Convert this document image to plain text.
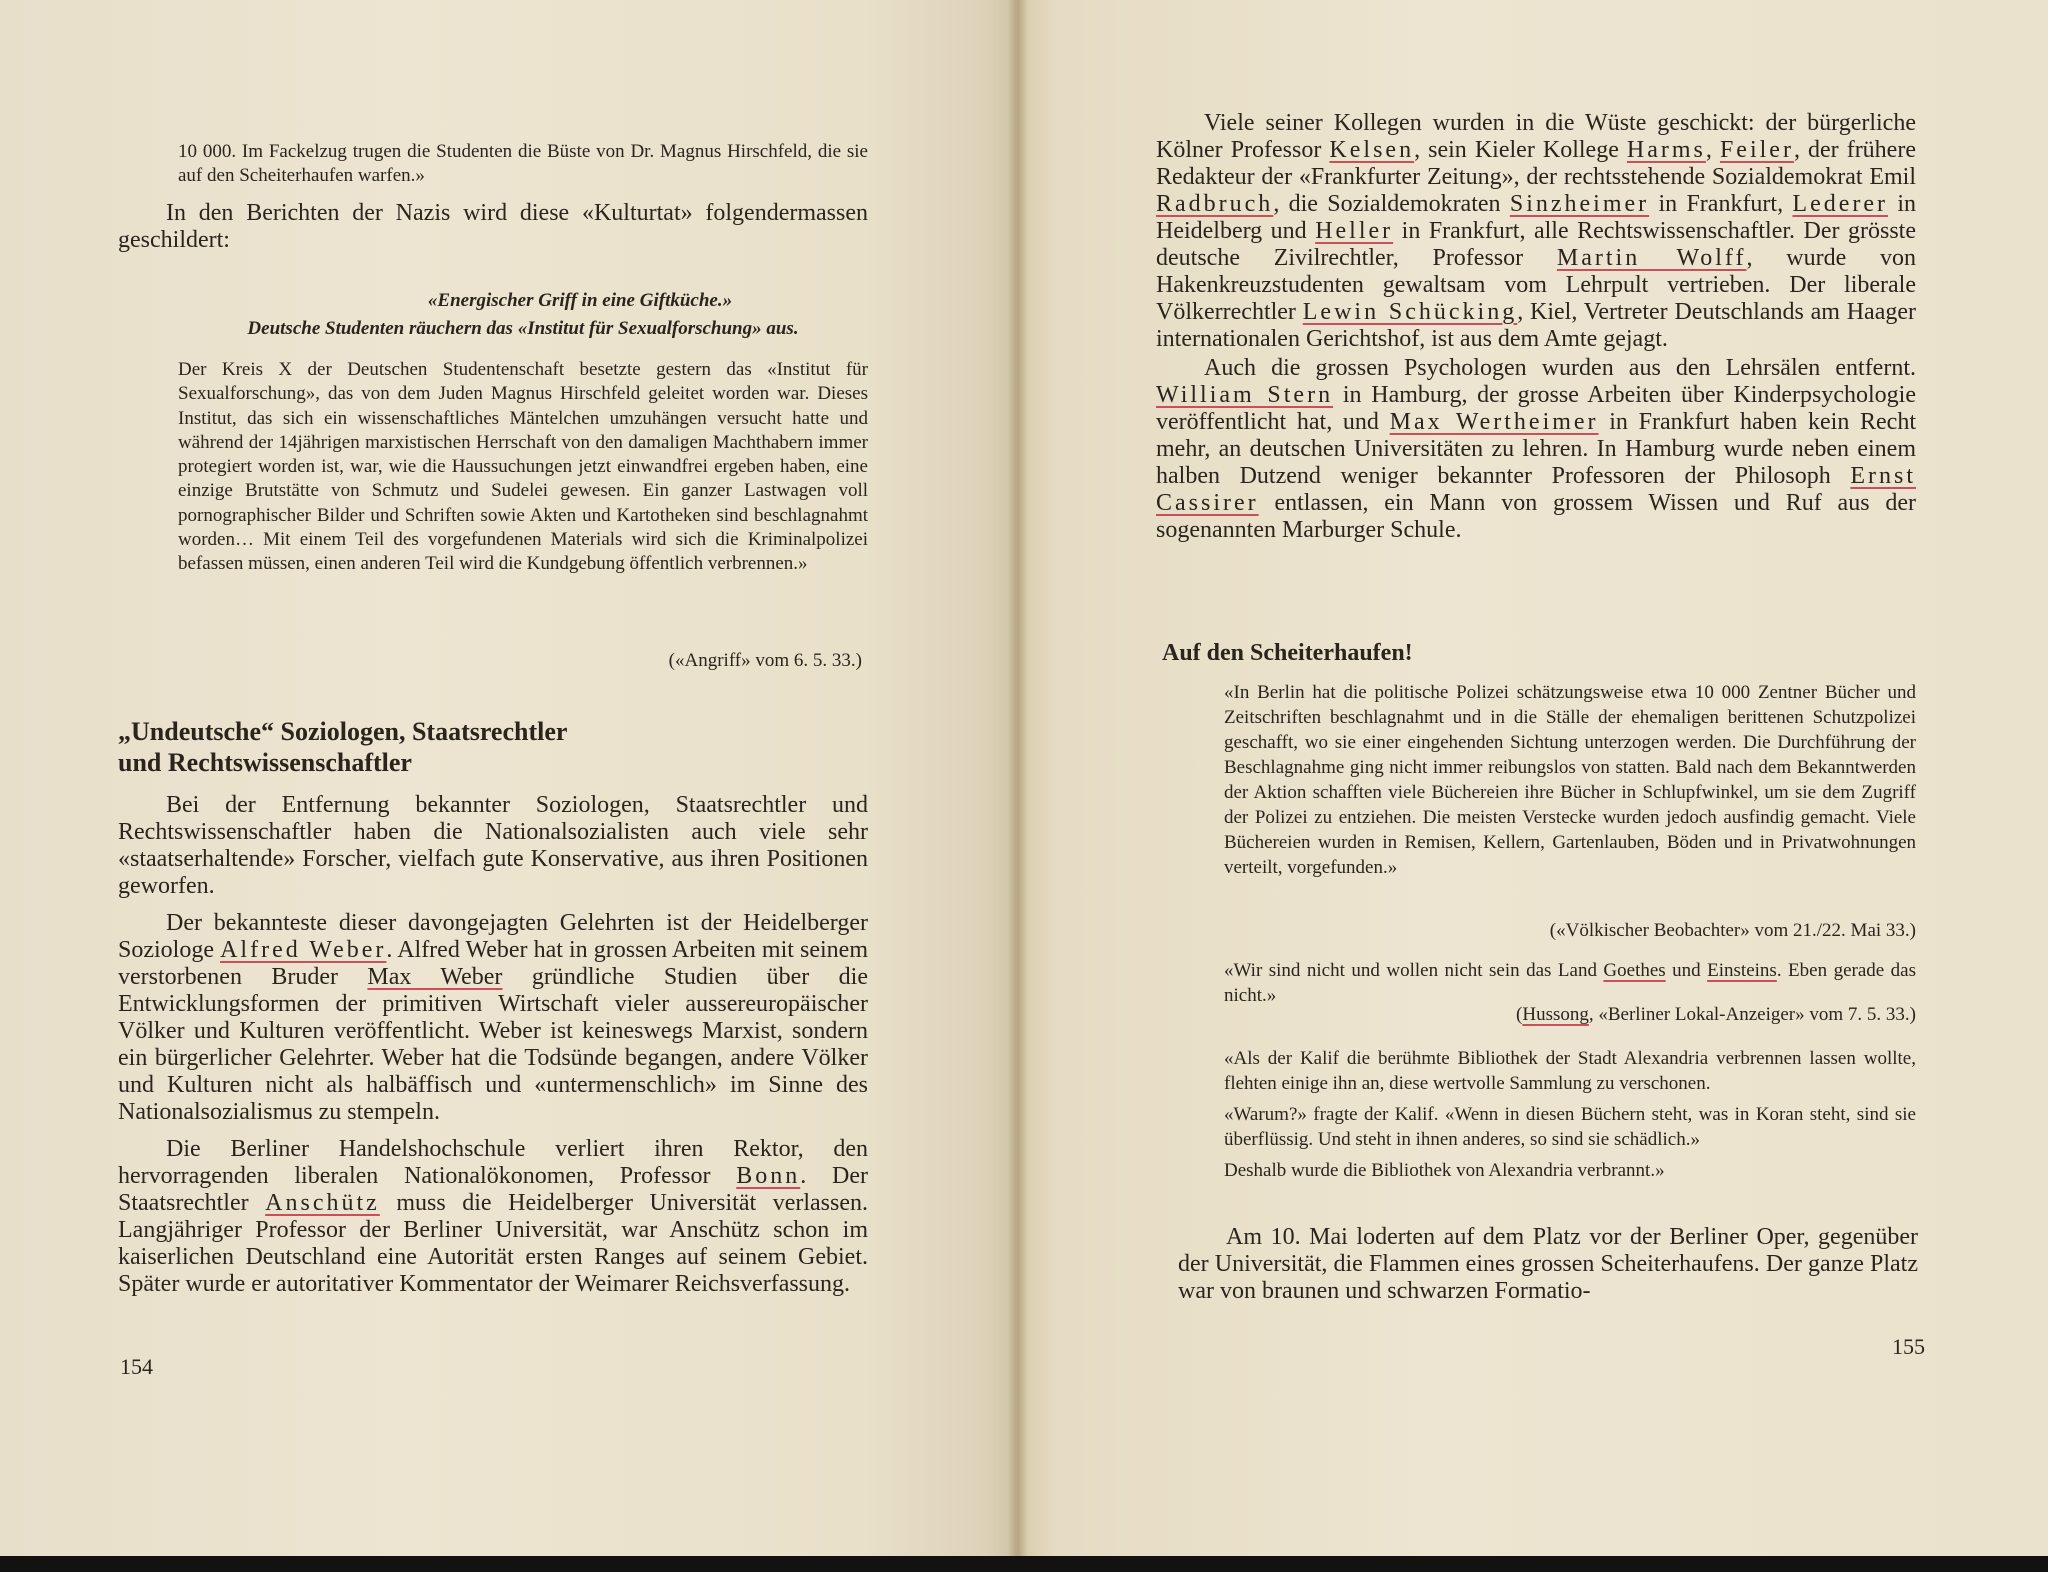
10 000. Im Fackelzug trugen die Studenten die Büste von Dr. Magnus Hirschfeld, die sie auf den Scheiterhaufen warfen.»

In den Berichten der Nazis wird diese «Kulturtat» folgendermassen geschildert:

«Energischer Griff in eine Giftküche.»
Deutsche Studenten räuchern das «Institut für Sexualforschung» aus.
Der Kreis X der Deutschen Studentenschaft besetzte gestern das «Institut für Sexualforschung», das von dem Juden Magnus Hirschfeld geleitet worden war. Dieses Institut, das sich ein wissenschaftliches Mäntelchen umzuhängen versucht hatte und während der 14jährigen marxistischen Herrschaft von den damaligen Machthabern immer protegiert worden ist, war, wie die Haussuchungen jetzt einwandfrei ergeben haben, eine einzige Brutstätte von Schmutz und Sudelei gewesen. Ein ganzer Lastwagen voll pornographischer Bilder und Schriften sowie Akten und Kartotheken sind beschlagnahmt worden… Mit einem Teil des vorgefundenen Materials wird sich die Kriminalpolizei befassen müssen, einen anderen Teil wird die Kundgebung öffentlich verbrennen.»
(«Angriff» vom 6. 5. 33.)
„Undeutsche“ Soziologen, Staatsrechtler
und Rechtswissenschaftler

Bei der Entfernung bekannter Soziologen, Staatsrechtler und Rechtswissenschaftler haben die Nationalsozialisten auch viele sehr «staatserhaltende» Forscher, vielfach gute Konservative, aus ihren Positionen geworfen.

Der bekannteste dieser davongejagten Gelehrten ist der Heidelberger Soziologe Alfred Weber. Alfred Weber hat in grossen Arbeiten mit seinem verstorbenen Bruder Max Weber gründliche Studien über die Entwicklungsformen der primitiven Wirtschaft vieler aussereuropäischer Völker und Kulturen veröffentlicht. Weber ist keineswegs Marxist, sondern ein bürgerlicher Gelehrter. Weber hat die Todsünde begangen, andere Völker und Kulturen nicht als halbäffisch und «untermenschlich» im Sinne des Nationalsozialismus zu stempeln.

Die Berliner Handelshochschule verliert ihren Rektor, den hervorragenden liberalen Nationalökonomen, Professor Bonn. Der Staatsrechtler Anschütz muss die Heidelberger Universität verlassen. Langjähriger Professor der Berliner Universität, war Anschütz schon im kaiserlichen Deutschland eine Autorität ersten Ranges auf seinem Gebiet. Später wurde er autoritativer Kommentator der Weimarer Reichsverfassung.

154

Viele seiner Kollegen wurden in die Wüste geschickt: der bürgerliche Kölner Professor Kelsen, sein Kieler Kollege Harms, Feiler, der frühere Redakteur der «Frankfurter Zeitung», der rechtsstehende Sozialdemokrat Emil Radbruch, die Sozialdemokraten Sinzheimer in Frankfurt, Lederer in Heidelberg und Heller in Frankfurt, alle Rechtswissenschaftler. Der grösste deutsche Zivilrechtler, Professor Martin Wolff, wurde von Hakenkreuzstudenten gewaltsam vom Lehrpult vertrieben. Der liberale Völkerrechtler Lewin Schücking, Kiel, Vertreter Deutschlands am Haager internationalen Gerichtshof, ist aus dem Amte gejagt.

Auch die grossen Psychologen wurden aus den Lehrsälen entfernt. William Stern in Hamburg, der grosse Arbeiten über Kinderpsychologie veröffentlicht hat, und Max Wertheimer in Frankfurt haben kein Recht mehr, an deutschen Universitäten zu lehren. In Hamburg wurde neben einem halben Dutzend weniger bekannter Professoren der Philosoph Ernst Cassirer entlassen, ein Mann von grossem Wissen und Ruf aus der sogenannten Marburger Schule.

Auf den Scheiterhaufen!
«In Berlin hat die politische Polizei schätzungsweise etwa 10 000 Zentner Bücher und Zeitschriften beschlagnahmt und in die Ställe der ehemaligen berittenen Schutzpolizei geschafft, wo sie einer eingehenden Sichtung unterzogen werden. Die Durchführung der Beschlagnahme ging nicht immer reibungslos von statten. Bald nach dem Bekanntwerden der Aktion schafften viele Büchereien ihre Bücher in Schlupfwinkel, um sie dem Zugriff der Polizei zu entziehen. Die meisten Verstecke wurden jedoch ausfindig gemacht. Viele Büchereien wurden in Remisen, Kellern, Gartenlauben, Böden und in Privatwohnungen verteilt, vorgefunden.»
(«Völkischer Beobachter» vom 21./22. Mai 33.)
«Wir sind nicht und wollen nicht sein das Land Goethes und Einsteins. Eben gerade das nicht.»
(Hussong, «Berliner Lokal-Anzeiger» vom 7. 5. 33.)

«Als der Kalif die berühmte Bibliothek der Stadt Alexandria verbrennen lassen wollte, flehten einige ihn an, diese wertvolle Sammlung zu verschonen.

«Warum?» fragte der Kalif. «Wenn in diesen Büchern steht, was in Koran steht, sind sie überflüssig. Und steht in ihnen anderes, so sind sie schädlich.»

Deshalb wurde die Bibliothek von Alexandria verbrannt.»

Am 10. Mai loderten auf dem Platz vor der Berliner Oper, gegenüber der Universität, die Flammen eines grossen Scheiterhaufens. Der ganze Platz war von braunen und schwarzen Formatio-

155
